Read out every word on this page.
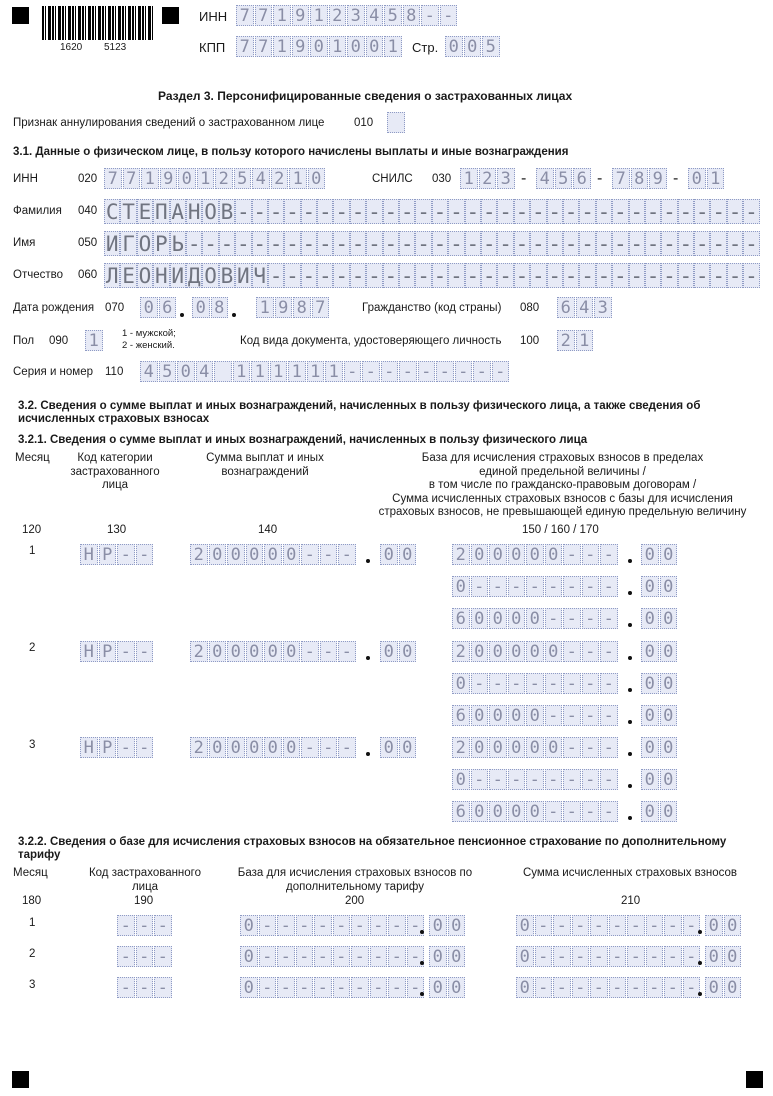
1620 5123
ИНН 7 7 1 9 1 2 3 4 5 8 - -
КПП 7 7 1 9 0 1 0 0 1 Стр. 0 0 5
Раздел 3. Персонифицированные сведения о застрахованных лицах
Признак аннулирования сведений о застрахованном лице	010
3.1. Данные о физическом лице, в пользу которого начислены выплаты и иные вознаграждения
ИНН	020 7 7 1 9 0 1 2 5 4 2 1 0	СНИЛС 030 1 2 3 - 4 5 6 - 7 8 9 - 0 1
Фамилия 040 С Т Е П А Н О В - - - - - - - - - - - - - - - - - - - - - - - - - - - - - - - -
Имя	050 И Г О Р Ь - - - - - - - - - - - - - - - - - - - - - - - - - - - - - - - - - - -
Отчество 060 Л Е О Н И Д О В И Ч - - - - - - - - - - - - - - - - - - - - - - - - - - - - - -
Дата рождения 070 0 6 0 8 1 9 8 7	Гражданство (код страны) 080 6 4 3
Пол 090 1	1 - мужской;
2 - женский.	Код вида документа, удостоверяющего личность 100 2 1
Серия и номер 110 4 5 0 4 1 1 1 1 1 1 - - - - - - - - -
3.2. Сведения о сумме выплат и иных вознаграждений, начисленных в пользу физического лица, а также сведения об
исчисленных страховых взносах
3.2.1. Сведения о сумме выплат и иных вознаграждений, начисленных в пользу физического лица
Месяц	Код категории
застрахованного
лица
Сумма выплат и иных
вознаграждений
База для исчисления страховых взносов в пределах
единой предельной величины /
в том числе по гражданско-правовым договорам /
Сумма исчисленных страховых взносов с базы для исчисления
страховых взносов, не превышающей единую предельную величину
120	130	140	150 / 160 / 170
1	Н Р - -	2 0 0 0 0 0 - - - 0 0	2 0 0 0 0 0 - - - 0 0
0 - - - - - - - - 0 0
6 0 0 0 0 - - - - 0 0
2	Н Р - -	2 0 0 0 0 0 - - - 0 0	2 0 0 0 0 0 - - - 0 0
0 - - - - - - - - 0 0
6 0 0 0 0 - - - - 0 0
3	Н Р - -	2 0 0 0 0 0 - - - 0 0	2 0 0 0 0 0 - - - 0 0
0 - - - - - - - - 0 0
6 0 0 0 0 - - - - 0 0
3.2.2. Сведения о базе для исчисления страховых взносов на обязательное пенсионное страхование по дополнительному
тарифу
Месяц	Код застрахованного
лица
База для исчисления страховых взносов по
дополнительному тарифу
Сумма исчисленных страховых взносов
180	190	200	210
1	- - -	0 - - - - - - - - - 0 0	0 - - - - - - - - - 0 0
2	- - -	0 - - - - - - - - - 0 0	0 - - - - - - - - - 0 0
3	- - -	0 - - - - - - - - - 0 0	0 - - - - - - - - - 0 0
